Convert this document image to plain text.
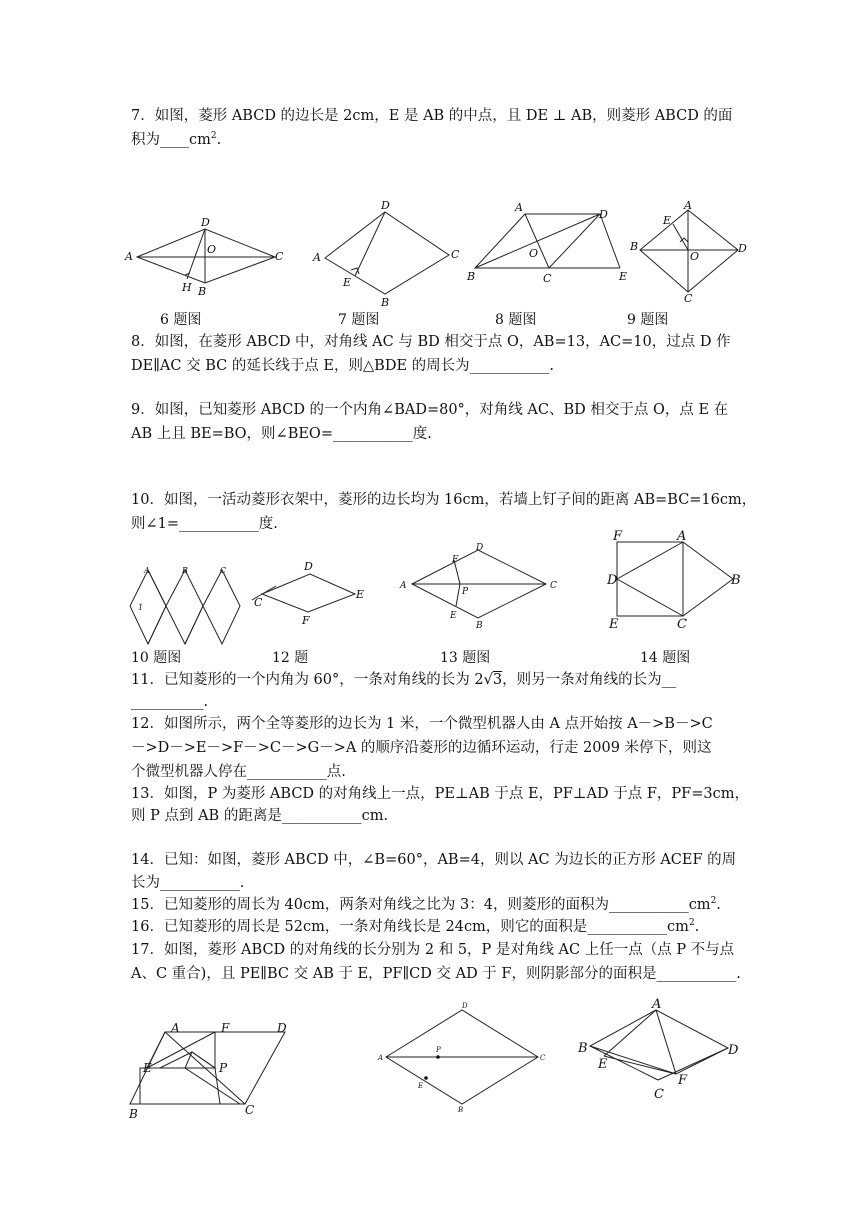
7．如图，菱形 ABCD 的边长是 2cm，E 是 AB 的中点，且 DE ⊥ AB，则菱形 ABCD 的面
积为$\_\_\_\_cm^2$.
A
D
C
O
B
H
A
D
C
B
E
A
D
B	C	E
O
A
B	D
C
E
O
6 题图	7 题图	8 题图	9 题图
8．如图，在菱形 ABCD 中，对角线 AC 与 BD 相交于点 O，AB=13，AC=10，过点 D 作
DE∥AC 交 BC 的延长线于点 E，则△BDE 的周长为___________.
9．如图，已知菱形 ABCD 的一个内角∠BAD=80°，对角线 AC、BD 相交于点 O，点 E 在
AB 上且 BE=BO，则∠BEO=___________度.
10．如图，一活动菱形衣架中，菱形的边长均为 16cm，若墙上钉子间的距离 AB=BC=16cm，
则∠1=___________度.
A	B	C
1	C
D
E
F
A
D
C
B
F
P
E
F	A
D	B
E	C
10 题图	12 题	13 题图	14 题图
11．已知菱形的一个内角为 60°，一条对角线的长为 2√3，则另一条对角线的长为__
__________.
12．如图所示，两个全等菱形的边长为 1 米，一个微型机器人由 A 点开始按 A－>B－>C
－>D－>E－>F－>C－>G－>A 的顺序沿菱形的边循环运动，行走 2009 米停下，则这
个微型机器人停在___________点.
13．如图，P 为菱形 ABCD 的对角线上一点，PE⊥AB 于点 E，PF⊥AD 于点 F，PF=3cm，
则 P 点到 AB 的距离是___________cm.
14．已知：如图，菱形 ABCD 中，∠B=60°，AB=4，则以 AC 为边长的正方形 ACEF 的周
长为___________.
15．已知菱形的周长为 40cm，两条对角线之比为 3：4，则菱形的面积为$\_\_\_\_\_\_\_\_\_\_\_cm^2$.
16．已知菱形的周长是 52cm，一条对角线长是 24cm，则它的面积是$\_\_\_\_\_\_\_\_\_\_\_cm^2$.
17．如图，菱形 ABCD 的对角线的长分别为 2 和 5，P 是对角线 AC 上任一点（点 P 不与点
A、C 重合)，且 PE∥BC 交 AB 于 E，PF∥CD 交 AD 于 F，则阴影部分的面积是___________.
A	F	D
E	P
B	C
A
D
C
B
P
E
A
B	D
E
F
C
